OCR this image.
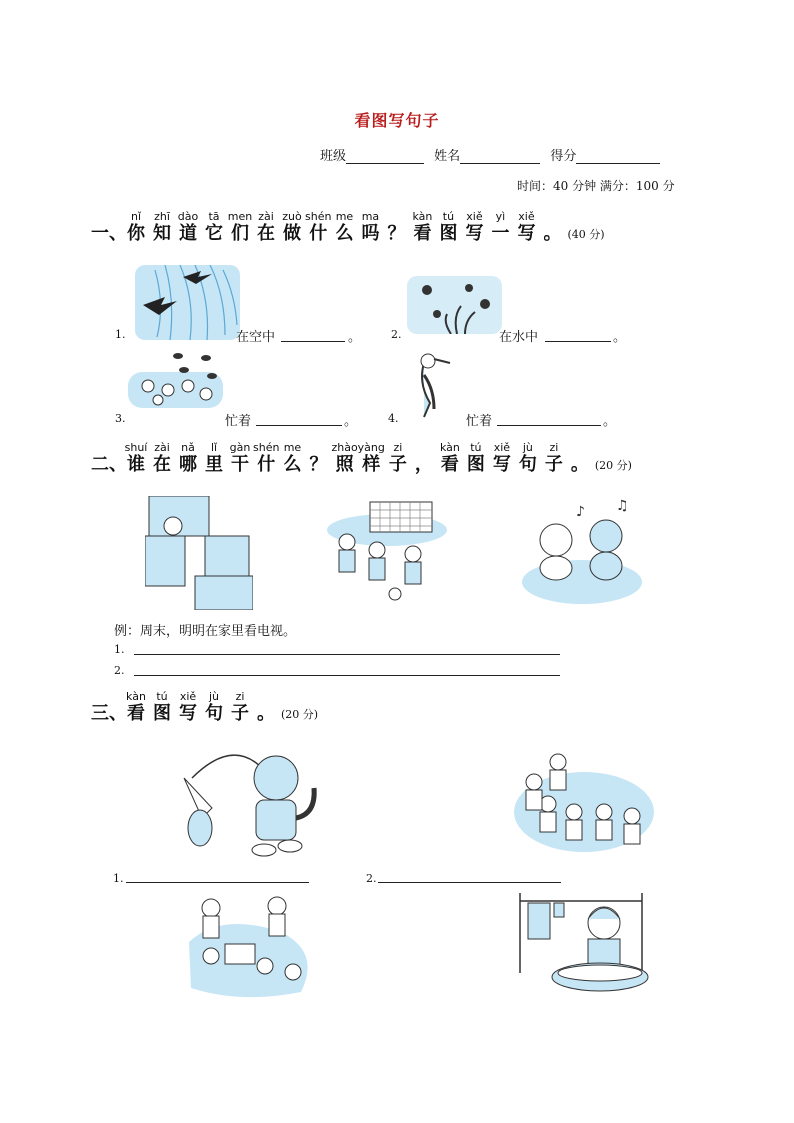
看图写句子
班级	姓名	得分
时间：40 分钟 满分：100 分
nǐ
一、你
zhī
知
dào
道
tā
它
men
们
zài
在
zuò
做
shén
什
me
么
ma
吗 ？
kàn
看
tú
图
xiě
写
yì
一
xiě
写 。 (40 分)
1.	在空中	。	2.	在水中	。
3.	忙着	。	4.	忙着	。
shuí
二、谁
zài
在
nǎ
哪
lǐ
里
gàn
干
shén
什
me
么 ？
zhào
照
yàng
样
zi
子 ，
kàn
看
tú
图
xiě
写
jù
句
zi
子 。 (20 分)
♪ ♫
例：周末，明明在家里看电视。
1.
2.
kàn
三、看
tú
图
xiě
写
jù
句
zi
子 。 (20 分)
1.	2.
